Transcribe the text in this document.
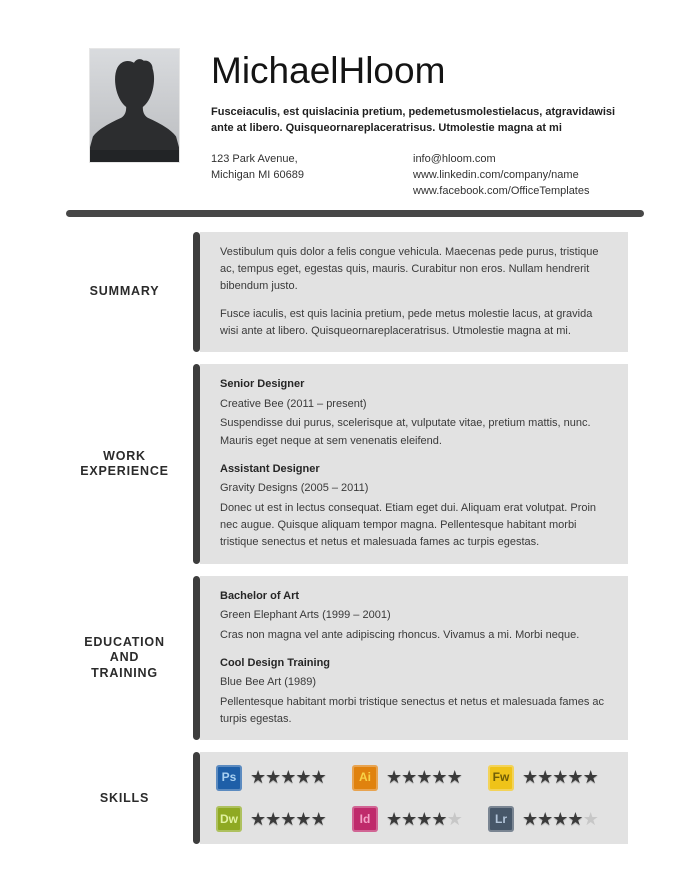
MichaelHloom
Fusceiaculis, est quislacinia pretium, pedemetusmolestielacus, atgravidawisi ante at libero. Quisqueornareplaceratrisus. Utmolestie magna at mi
123 Park Avenue,
Michigan MI 60689
info@hloom.com
www.linkedin.com/company/name
www.facebook.com/OfficeTemplates
SUMMARY

Vestibulum quis dolor a felis congue vehicula. Maecenas pede purus, tristique ac, tempus eget, egestas quis, mauris. Curabitur non eros. Nullam hendrerit bibendum justo.

Fusce iaculis, est quis lacinia pretium, pede metus molestie lacus, at gravida wisi ante at libero. Quisqueornareplaceratrisus. Utmolestie magna at mi.

WORK
EXPERIENCE
Senior Designer
Creative Bee (2011 – present)
Suspendisse dui purus, scelerisque at, vulputate vitae, pretium mattis, nunc. Mauris eget neque at sem venenatis eleifend.
Assistant Designer
Gravity Designs (2005 – 2011)
Donec ut est in lectus consequat. Etiam eget dui. Aliquam erat volutpat. Proin nec augue. Quisque aliquam tempor magna. Pellentesque habitant morbi tristique senectus et netus et malesuada fames ac turpis egestas.
EDUCATION
AND
TRAINING
Bachelor of Art
Green Elephant Arts (1999 – 2001)
Cras non magna vel ante adipiscing rhoncus. Vivamus a mi. Morbi neque.
Cool Design Training
Blue Bee Art (1989)
Pellentesque habitant morbi tristique senectus et netus et malesuada fames ac turpis egestas.
SKILLS
Ps ★★★★★	Ai ★★★★★	Fw ★★★★★
Dw ★★★★★	Id ★★★★★	Lr ★★★★★
